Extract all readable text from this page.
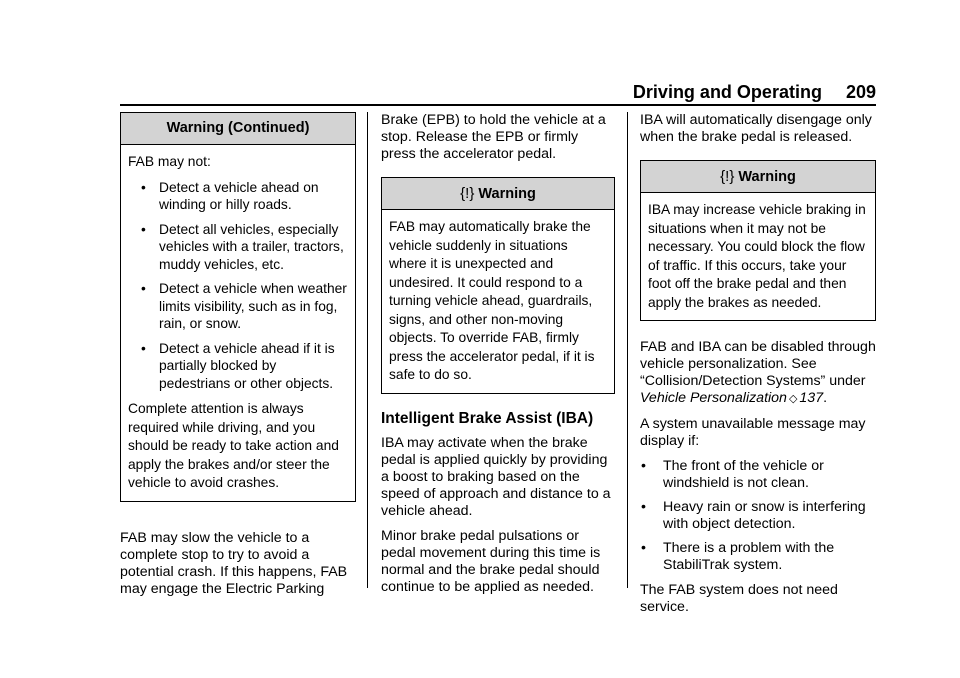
Driving and Operating 209
Warning (Continued)

FAB may not:

• Detect a vehicle ahead on winding or hilly roads.
• Detect all vehicles, especially vehicles with a trailer, tractors, muddy vehicles, etc.
• Detect a vehicle when weather limits visibility, such as in fog, rain, or snow.
• Detect a vehicle ahead if it is partially blocked by pedestrians or other objects.

Complete attention is always required while driving, and you should be ready to take action and apply the brakes and/or steer the vehicle to avoid crashes.

FAB may slow the vehicle to a complete stop to try to avoid a potential crash. If this happens, FAB may engage the Electric Parking

Brake (EPB) to hold the vehicle at a stop. Release the EPB or firmly press the accelerator pedal.

{!} Warning
FAB may automatically brake the vehicle suddenly in situations where it is unexpected and undesired. It could respond to a turning vehicle ahead, guardrails, signs, and other non-moving objects. To override FAB, firmly press the accelerator pedal, if it is safe to do so.
Intelligent Brake Assist (IBA)

IBA may activate when the brake pedal is applied quickly by providing a boost to braking based on the speed of approach and distance to a vehicle ahead.

Minor brake pedal pulsations or pedal movement during this time is normal and the brake pedal should continue to be applied as needed.

IBA will automatically disengage only when the brake pedal is released.

{!} Warning
IBA may increase vehicle braking in situations when it may not be necessary. You could block the flow of traffic. If this occurs, take your foot off the brake pedal and then apply the brakes as needed.

FAB and IBA can be disabled through vehicle personalization. See “Collision/Detection Systems” under Vehicle Personalization ◇ 137.

A system unavailable message may display if:

• The front of the vehicle or windshield is not clean.
• Heavy rain or snow is interfering with object detection.
• There is a problem with the StabiliTrak system.

The FAB system does not need service.
